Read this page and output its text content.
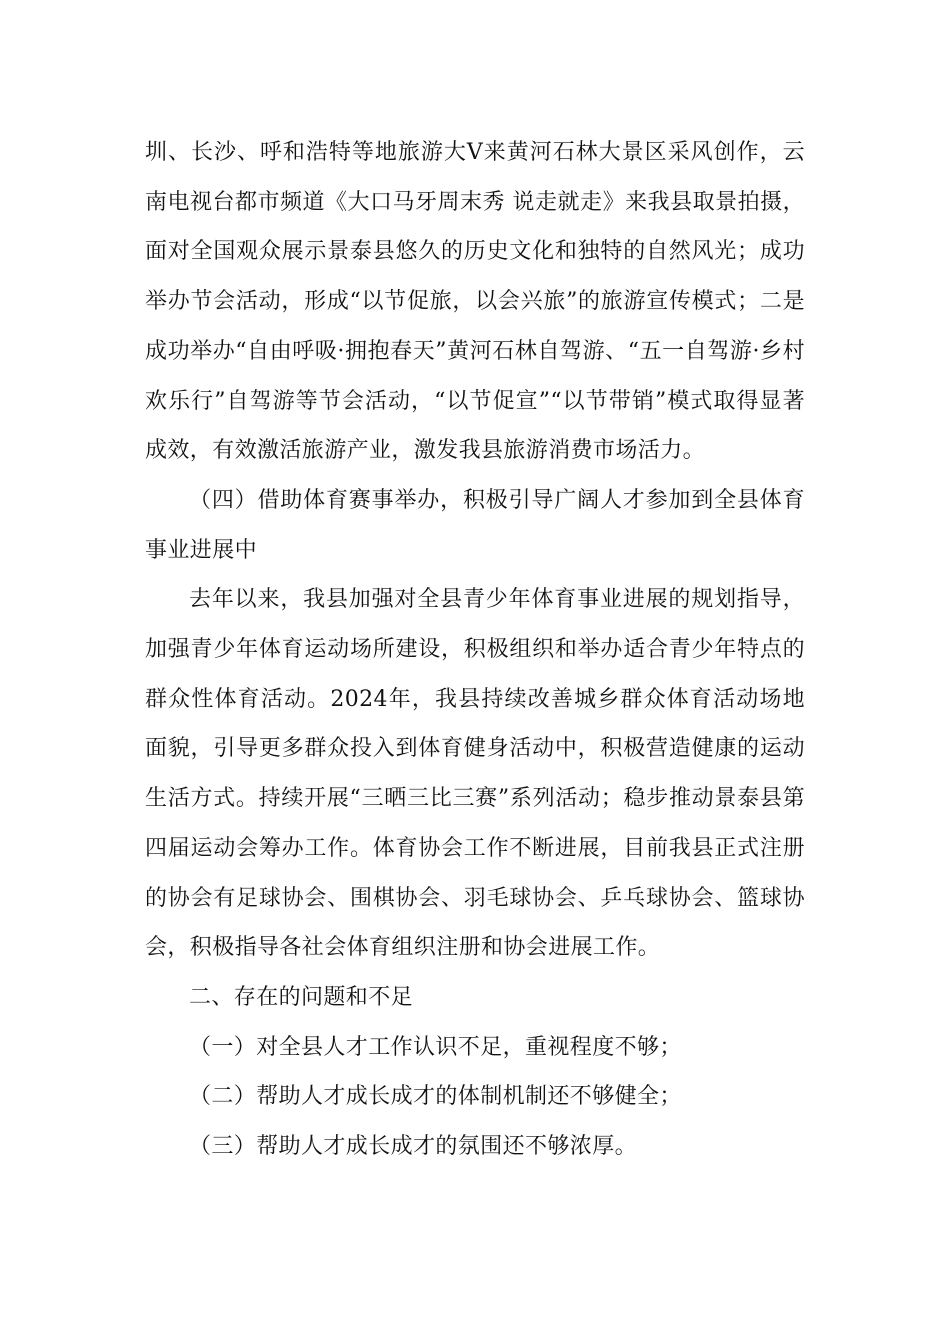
圳、长沙、呼和浩特等地旅游大V来黄河石林大景区采风创作，云南电视台都市频道《大口马牙周末秀 说走就走》来我县取景拍摄，面对全国观众展示景泰县悠久的历史文化和独特的自然风光；成功举办节会活动，形成“以节促旅，以会兴旅”的旅游宣传模式；二是成功举办“自由呼吸·拥抱春天”黄河石林自驾游、“五一自驾游·乡村欢乐行”自驾游等节会活动，“以节促宣”“以节带销”模式取得显著成效，有效激活旅游产业，激发我县旅游消费市场活力。

（四）借助体育赛事举办，积极引导广阔人才参加到全县体育事业进展中

去年以来，我县加强对全县青少年体育事业进展的规划指导，加强青少年体育运动场所建设，积极组织和举办适合青少年特点的群众性体育活动。2024年，我县持续改善城乡群众体育活动场地面貌，引导更多群众投入到体育健身活动中，积极营造健康的运动生活方式。持续开展“三晒三比三赛”系列活动；稳步推动景泰县第四届运动会筹办工作。体育协会工作不断进展，目前我县正式注册的协会有足球协会、围棋协会、羽毛球协会、乒乓球协会、篮球协会，积极指导各社会体育组织注册和协会进展工作。

二、存在的问题和不足

（一）对全县人才工作认识不足，重视程度不够；

（二）帮助人才成长成才的体制机制还不够健全；

（三）帮助人才成长成才的氛围还不够浓厚。
